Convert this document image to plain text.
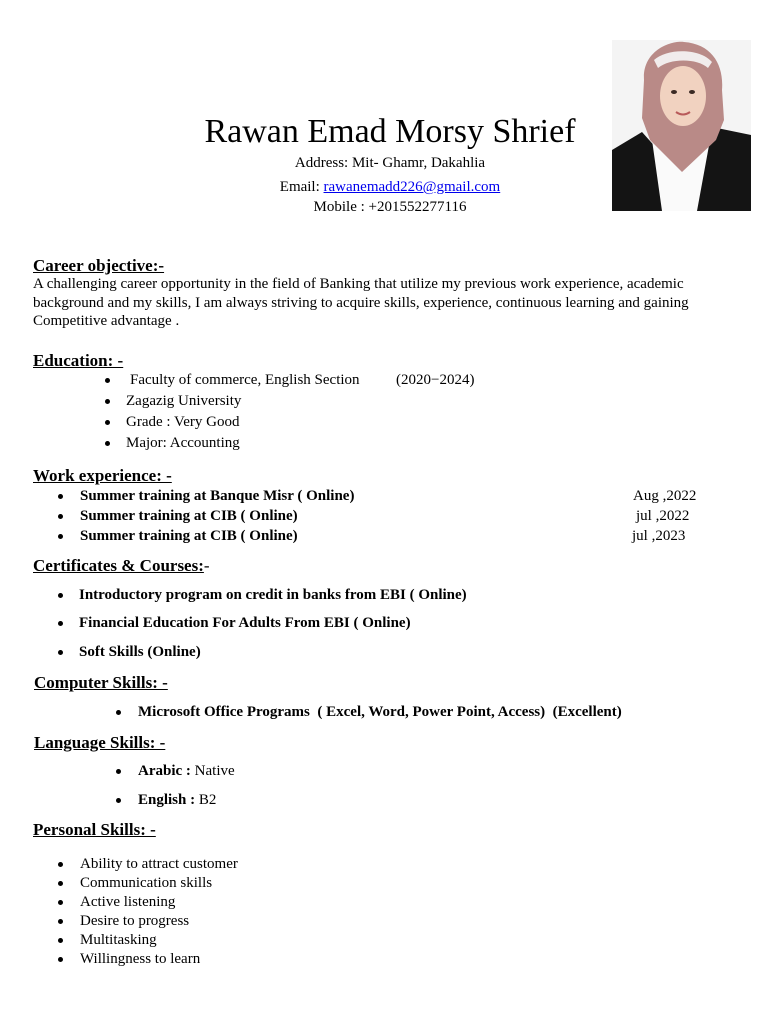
Rawan Emad Morsy Shrief
Address: Mit- Ghamr, Dakahlia
Email: rawanemadd226@gmail.com
Mobile : +201552277116
Career objective:-
A challenging career opportunity in the field of Banking that utilize my previous work experience, academic background and my skills, I am always striving to acquire skills, experience, continuous learning and gaining Competitive advantage .
Education: -
Faculty of commerce, English Section (2020−2024)
Zagazig University
Grade : Very Good
Major: Accounting
Work experience: -
Summer training at Banque Misr ( Online)	Aug ,2022
Summer training at CIB ( Online)	jul ,2022
Summer training at CIB ( Online)	jul ,2023
Certificates & Courses:-
Introductory program on credit in banks from EBI ( Online)
Financial Education For Adults From EBI ( Online)
Soft Skills (Online)
Computer Skills: -
Microsoft Office Programs  ( Excel, Word, Power Point, Access)  (Excellent)
Language Skills: -
Arabic : Native
English : B2
Personal Skills: -
Ability to attract customer
Communication skills
Active listening
Desire to progress
Multitasking
Willingness to learn
